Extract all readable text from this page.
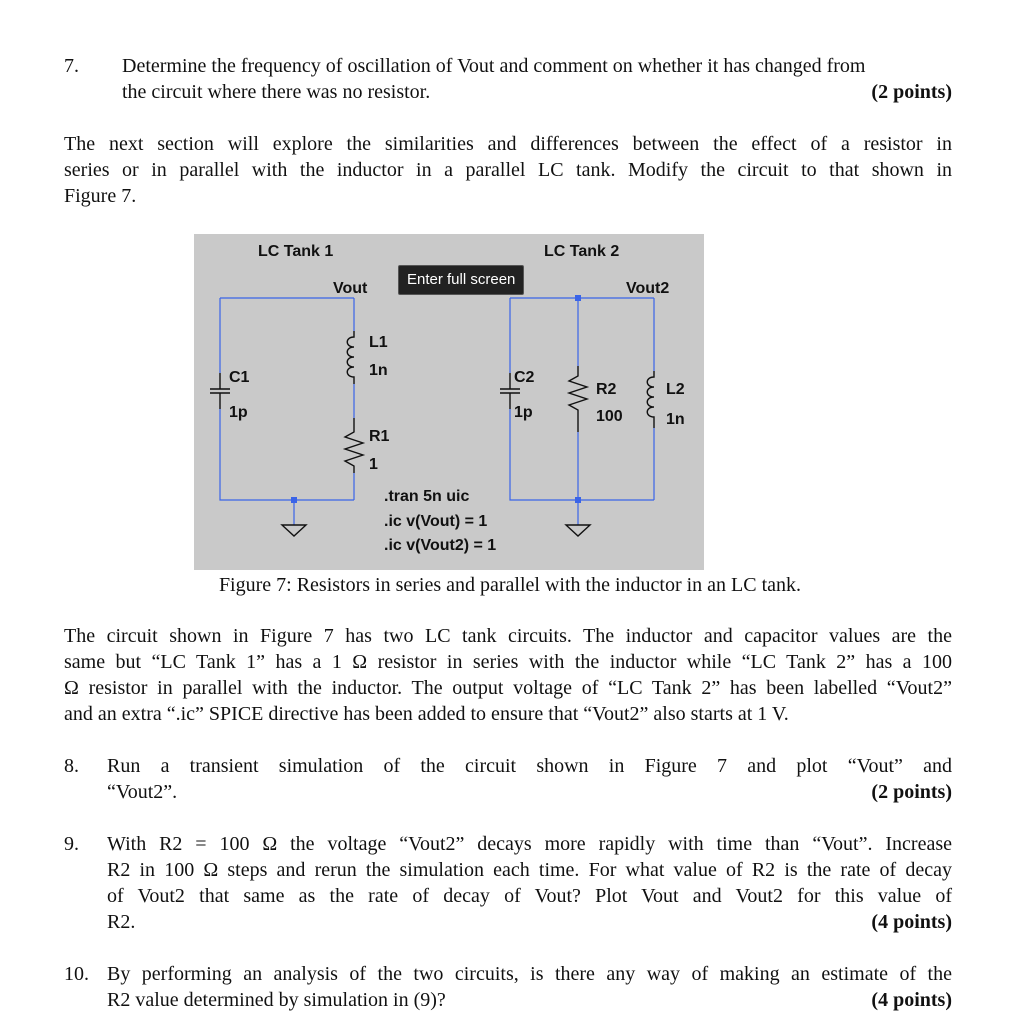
7. Determine the frequency of oscillation of Vout and comment on whether it has changed from
the circuit where there was no resistor.	(2 points)
The next section will explore the similarities and differences between the effect of a resistor in
series or in parallel with the inductor in a parallel LC tank. Modify the circuit to that shown in
Figure 7.
LC Tank 1	LC Tank 2
Vout	Vout2
L1
1n
C1
1p
R1
1
C2
1p
R2
100
L2
1n
.tran 5n uic
.ic v(Vout) = 1
.ic v(Vout2) = 1
Enter full screen
Figure 7: Resistors in series and parallel with the inductor in an LC tank.
The circuit shown in Figure 7 has two LC tank circuits. The inductor and capacitor values are the
same but “LC Tank 1” has a 1 Ω resistor in series with the inductor while “LC Tank 2” has a 100
Ω resistor in parallel with the inductor. The output voltage of “LC Tank 2” has been labelled “Vout2”
and an extra “.ic” SPICE directive has been added to ensure that “Vout2” also starts at 1 V.
8. Run a transient simulation of the circuit shown in Figure 7 and plot “Vout” and
“Vout2”.	(2 points)
9. With R2 = 100 Ω the voltage “Vout2” decays more rapidly with time than “Vout”. Increase
R2 in 100 Ω steps and rerun the simulation each time. For what value of R2 is the rate of decay
of Vout2 that same as the rate of decay of Vout? Plot Vout and Vout2 for this value of
R2.	(4 points)
10. By performing an analysis of the two circuits, is there any way of making an estimate of the
R2 value determined by simulation in (9)?	(4 points)
